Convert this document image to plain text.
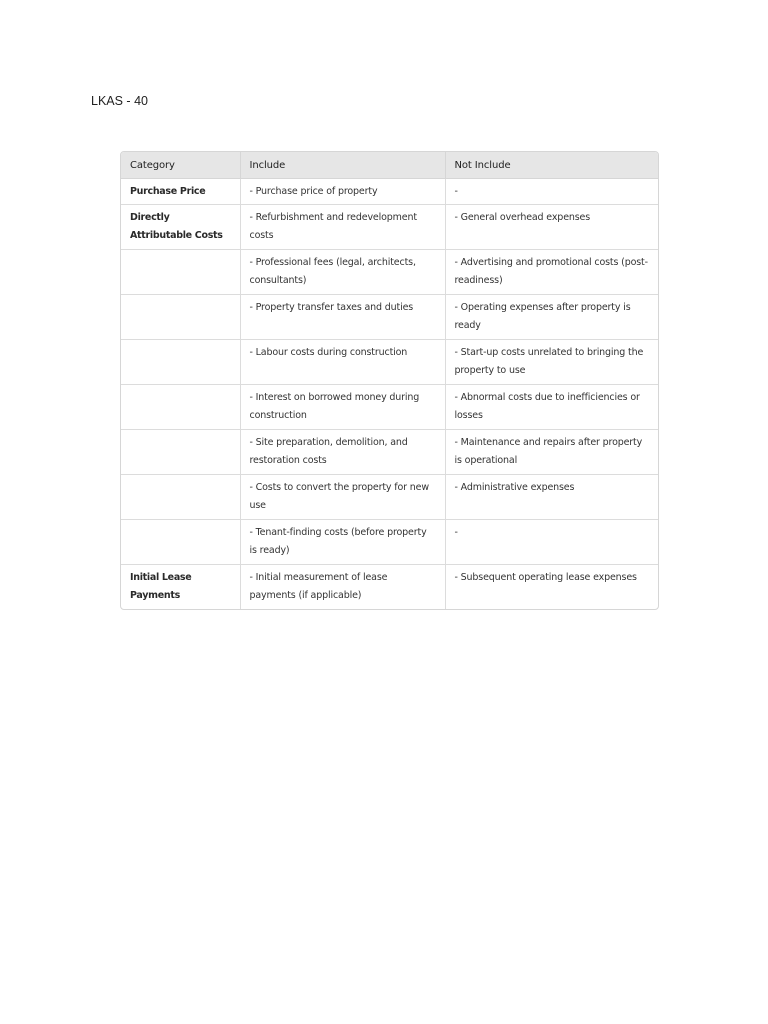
LKAS - 40
Category	Include	Not Include
Purchase Price	- Purchase price of property	-
Directly Attributable Costs	- Refurbishment and redevelopment costs	- General overhead expenses
	- Professional fees (legal, architects, consultants)	- Advertising and promotional costs (post-readiness)
	- Property transfer taxes and duties	- Operating expenses after property is ready
	- Labour costs during construction	- Start-up costs unrelated to bringing the property to use
	- Interest on borrowed money during construction	- Abnormal costs due to inefficiencies or losses
	- Site preparation, demolition, and restoration costs	- Maintenance and repairs after property is operational
	- Costs to convert the property for new use	- Administrative expenses
	- Tenant-finding costs (before property is ready)	-
Initial Lease Payments	- Initial measurement of lease payments (if applicable)	- Subsequent operating lease expenses
